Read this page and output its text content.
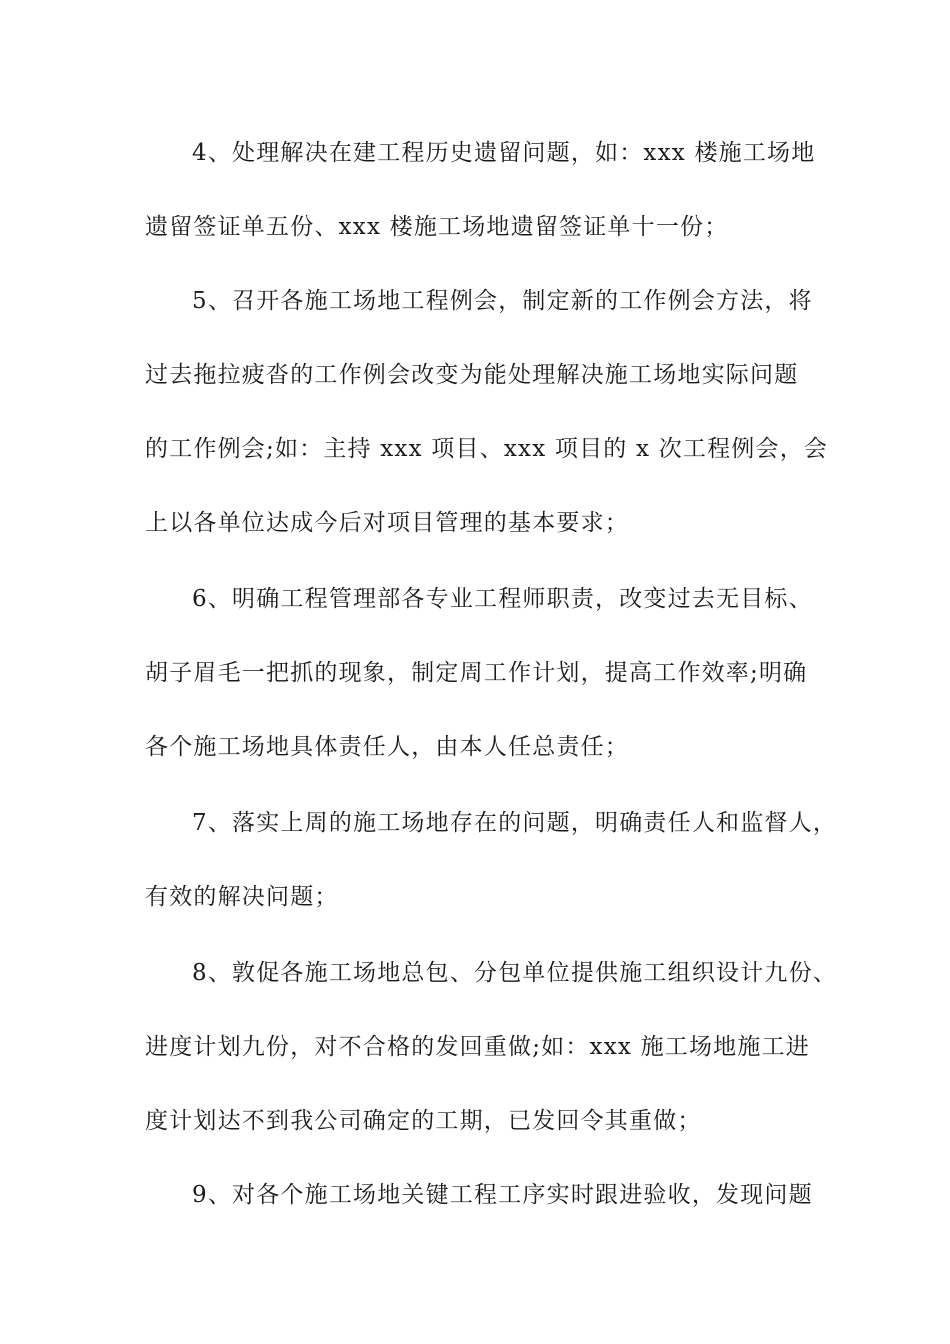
4、处理解决在建工程历史遗留问题，如：xxx 楼施工场地
遗留签证单五份、xxx 楼施工场地遗留签证单十一份；
5、召开各施工场地工程例会，制定新的工作例会方法，将
过去拖拉疲沓的工作例会改变为能处理解决施工场地实际问题
的工作例会;如：主持 xxx 项目、xxx 项目的 x 次工程例会，会
上以各单位达成今后对项目管理的基本要求；
6、明确工程管理部各专业工程师职责，改变过去无目标、
胡子眉毛一把抓的现象，制定周工作计划，提高工作效率;明确
各个施工场地具体责任人，由本人任总责任；
7、落实上周的施工场地存在的问题，明确责任人和监督人，
有效的解决问题；
8、敦促各施工场地总包、分包单位提供施工组织设计九份、
进度计划九份，对不合格的发回重做;如：xxx 施工场地施工进
度计划达不到我公司确定的工期，已发回令其重做；
9、对各个施工场地关键工程工序实时跟进验收，发现问题
